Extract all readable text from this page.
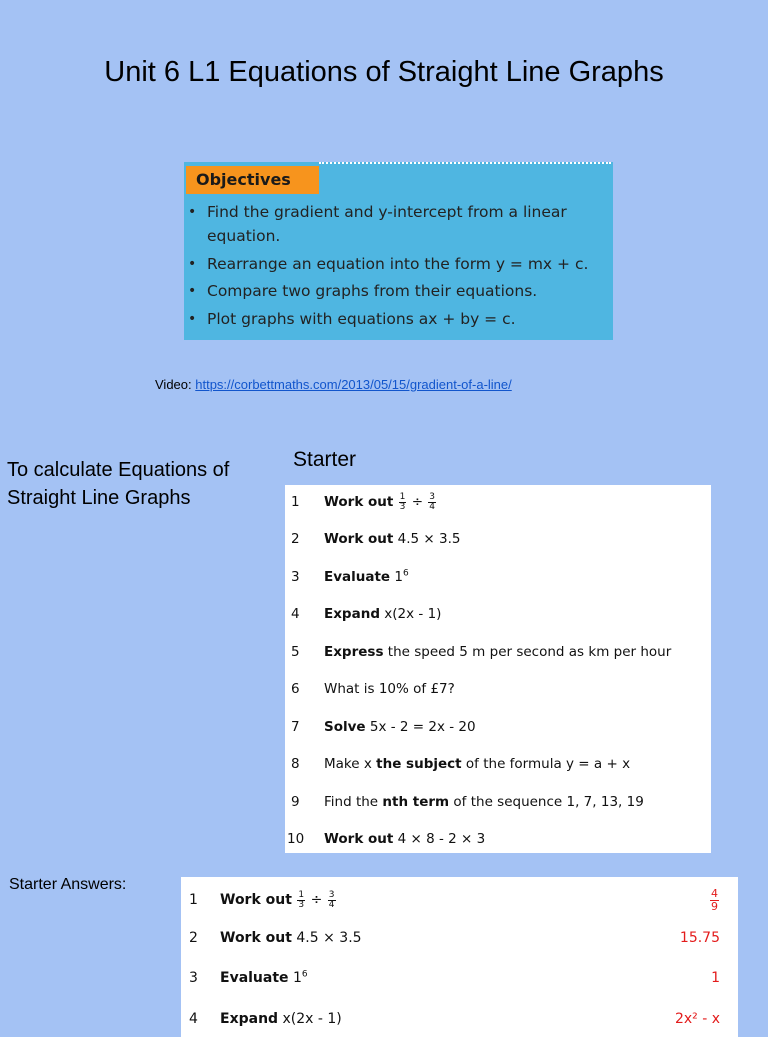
Unit 6 L1 Equations of Straight Line Graphs
Objectives
• Find the gradient and y-intercept from a linear equation.
• Rearrange an equation into the form y = mx + c.
• Compare two graphs from their equations.
• Plot graphs with equations ax + by = c.
Video: https://corbettmaths.com/2013/05/15/gradient-of-a-line/
To calculate Equations of Straight Line Graphs
Starter
1 Work out $\frac{1}{3} \div \frac{3}{4}$
2 Work out 4.5 × 3.5
3 Evaluate $1^6$
4 Expand x(2x - 1)
5 Express the speed 5 m per second as km per hour
6 What is 10% of £7?
7 Solve 5x - 2 = 2x - 20
8 Make x the subject of the formula y = a + x
9 Find the nth term of the sequence 1, 7, 13, 19
10 Work out 4 × 8 - 2 × 3
Starter Answers:
1 Work out $\frac{1}{3} \div \frac{3}{4}$	$\frac{4}{9}$
2 Work out 4.5 × 3.5	15.75
3 Evaluate $1^6$	1
4 Expand x(2x - 1)	2x² - x
